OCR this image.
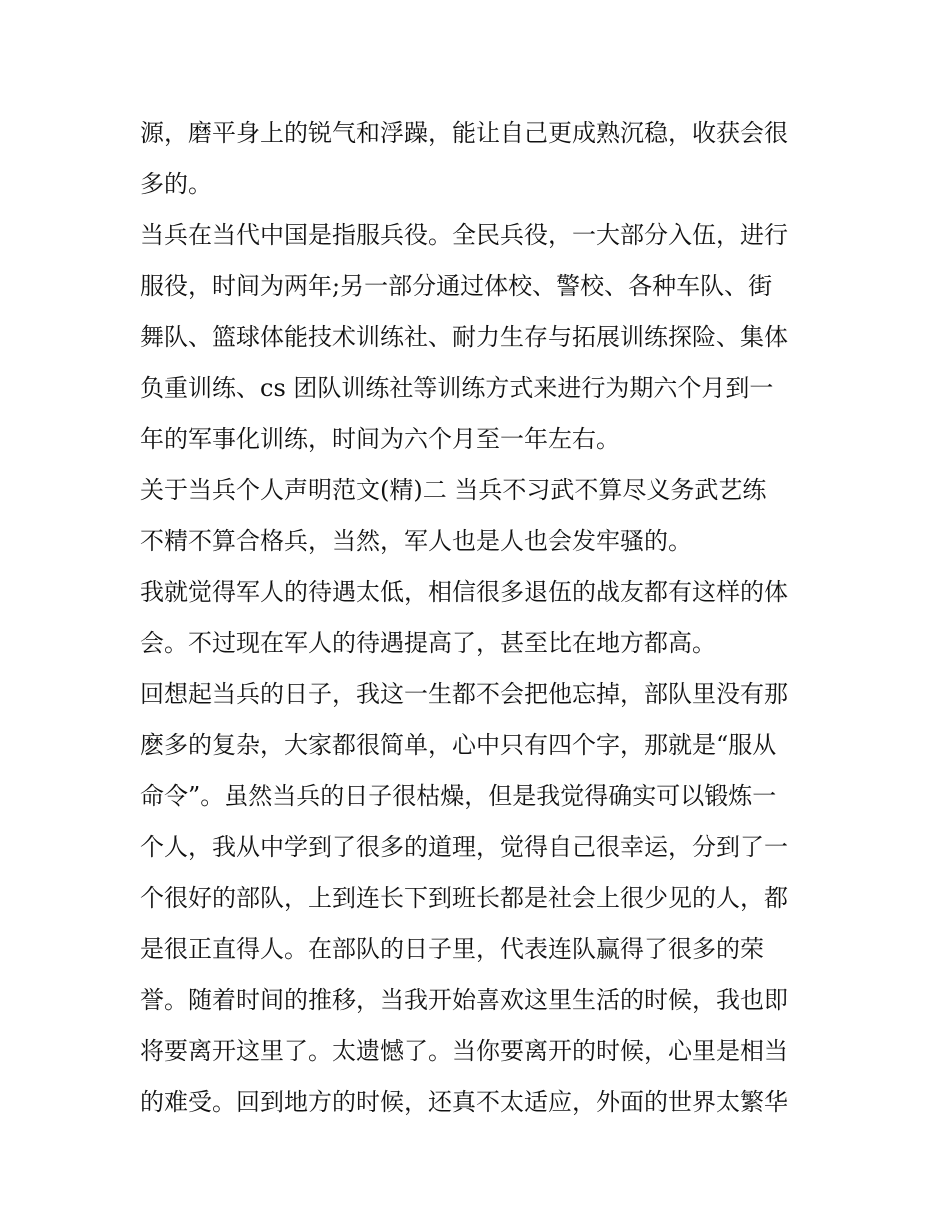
源，磨平身上的锐气和浮躁，能让自己更成熟沉稳，收获会很
多的。
当兵在当代中国是指服兵役。全民兵役，一大部分入伍，进行
服役，时间为两年;另一部分通过体校、警校、各种车队、街
舞队、篮球体能技术训练社、耐力生存与拓展训练探险、集体
负重训练、cs 团队训练社等训练方式来进行为期六个月到一
年的军事化训练，时间为六个月至一年左右。
关于当兵个人声明范文(精)二 当兵不习武不算尽义务武艺练
不精不算合格兵，当然，军人也是人也会发牢骚的。
我就觉得军人的待遇太低，相信很多退伍的战友都有这样的体
会。不过现在军人的待遇提高了，甚至比在地方都高。
回想起当兵的日子，我这一生都不会把他忘掉，部队里没有那
麽多的复杂，大家都很简单，心中只有四个字，那就是“服从
命令”。虽然当兵的日子很枯燥，但是我觉得确实可以锻炼一
个人，我从中学到了很多的道理，觉得自己很幸运，分到了一
个很好的部队，上到连长下到班长都是社会上很少见的人，都
是很正直得人。在部队的日子里，代表连队赢得了很多的荣
誉。随着时间的推移，当我开始喜欢这里生活的时候，我也即
将要离开这里了。太遗憾了。当你要离开的时候，心里是相当
的难受。回到地方的时候，还真不太适应，外面的世界太繁华
